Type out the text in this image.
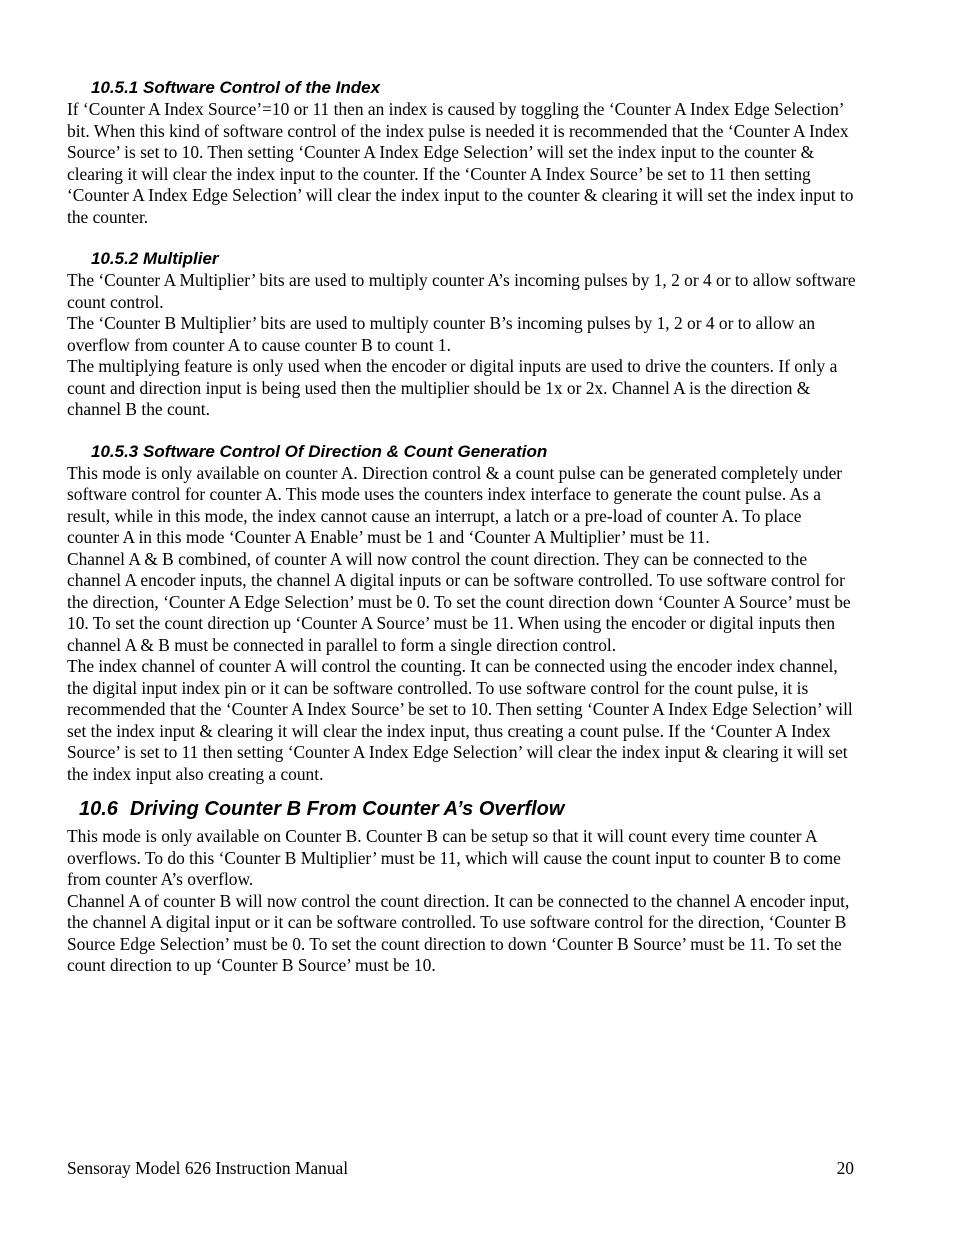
10.5.1 Software Control of the Index

If ‘Counter A Index Source’=10 or 11 then an index is caused by toggling the ‘Counter A Index Edge Selection’ bit. When this kind of software control of the index pulse is needed it is recommended that the ‘Counter A Index Source’ is set to 10. Then setting ‘Counter A Index Edge Selection’ will set the index input to the counter & clearing it will clear the index input to the counter. If the ‘Counter A Index Source’ be set to 11 then setting ‘Counter A Index Edge Selection’ will clear the index input to the counter & clearing it will set the index input to the counter.

10.5.2 Multiplier

The ‘Counter A Multiplier’ bits are used to multiply counter A’s incoming pulses by 1, 2 or 4 or to allow software count control.

The ‘Counter B Multiplier’ bits are used to multiply counter B’s incoming pulses by 1, 2 or 4 or to allow an overflow from counter A to cause counter B to count 1.

The multiplying feature is only used when the encoder or digital inputs are used to drive the counters. If only a count and direction input is being used then the multiplier should be 1x or 2x. Channel A is the direction & channel B the count.

10.5.3 Software Control Of Direction & Count Generation

This mode is only available on counter A. Direction control & a count pulse can be generated completely under software control for counter A. This mode uses the counters index interface to generate the count pulse. As a result, while in this mode, the index cannot cause an interrupt, a latch or a pre-load of counter A. To place counter A in this mode ‘Counter A Enable’ must be 1 and ‘Counter A Multiplier’ must be 11.

Channel A & B combined, of counter A will now control the count direction. They can be connected to the channel A encoder inputs, the channel A digital inputs or can be software controlled. To use software control for the direction, ‘Counter A Edge Selection’ must be 0. To set the count direction down ‘Counter A Source’ must be 10. To set the count direction up ‘Counter A Source’ must be 11. When using the encoder or digital inputs then channel A & B must be connected in parallel to form a single direction control.

The index channel of counter A will control the counting. It can be connected using the encoder index channel, the digital input index pin or it can be software controlled. To use software control for the count pulse, it is recommended that the ‘Counter A Index Source’ be set to 10. Then setting ‘Counter A Index Edge Selection’ will set the index input & clearing it will clear the index input, thus creating a count pulse. If the ‘Counter A Index Source’ is set to 11 then setting ‘Counter A Index Edge Selection’ will clear the index input & clearing it will set the index input also creating a count.

10.6 Driving Counter B From Counter A’s Overflow

This mode is only available on Counter B. Counter B can be setup so that it will count every time counter A overflows. To do this ‘Counter B Multiplier’ must be 11, which will cause the count input to counter B to come from counter A’s overflow.

Channel A of counter B will now control the count direction. It can be connected to the channel A encoder input, the channel A digital input or it can be software controlled. To use software control for the direction, ‘Counter B Source Edge Selection’ must be 0. To set the count direction to down ‘Counter B Source’ must be 11. To set the count direction to up ‘Counter B Source’ must be 10.

Sensoray Model 626 Instruction Manual	20
